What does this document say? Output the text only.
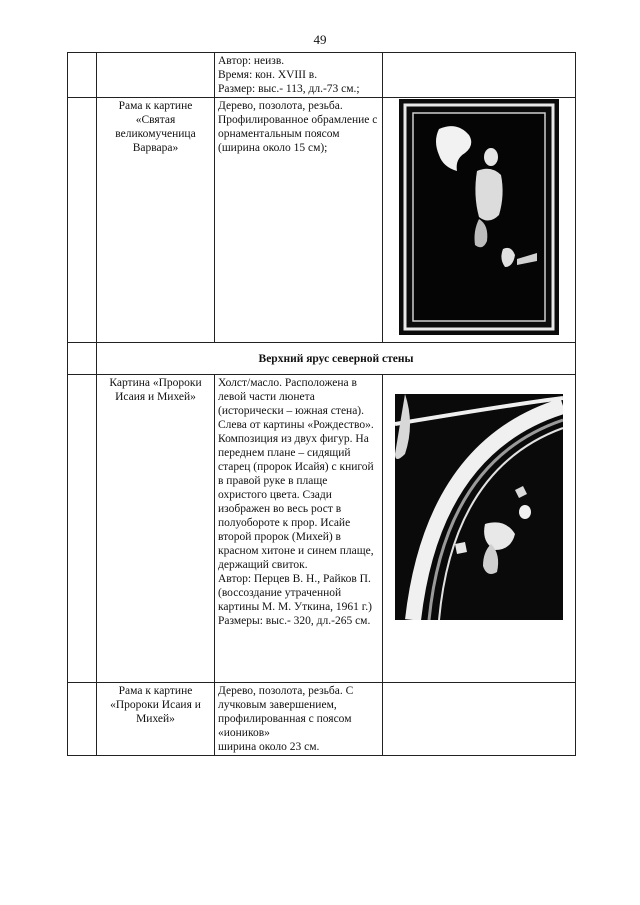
49

		Автор: неизв.
Время: кон. XVIII в.
Размер: выс.- 113, дл.-73 см.;	

	Рама к картине «Святая великомученица Варвара»	Дерево, позолота, резьба.
Профилированное обрамление с орнаментальным поясом (ширина около 15 см);

	Верхний ярус северной стены		
	Картина «Пророки Исаия и Михей»	Холст/масло. Расположена в левой части люнета (исторически – южная стена). Слева от картины «Рождество». Композиция из двух фигур. На переднем плане – сидящий старец (пророк Исайя) с книгой в правой руке в плаще охристого цвета. Сзади изображен во весь рост в полуобороте к прор. Исайе второй пророк (Михей) в красном хитоне и синем плаще, держащий свиток.
Автор: Перцев В. Н., Райков П. (воссоздание утраченной картины М. М. Уткина, 1961 г.)
Размеры: выс.- 320, дл.-265 см.

	Рама к картине «Пророки Исаия и Михей»	Дерево, позолота, резьба. С лучковым завершением, профилированная с поясом «иоников»
ширина около 23 см.	
